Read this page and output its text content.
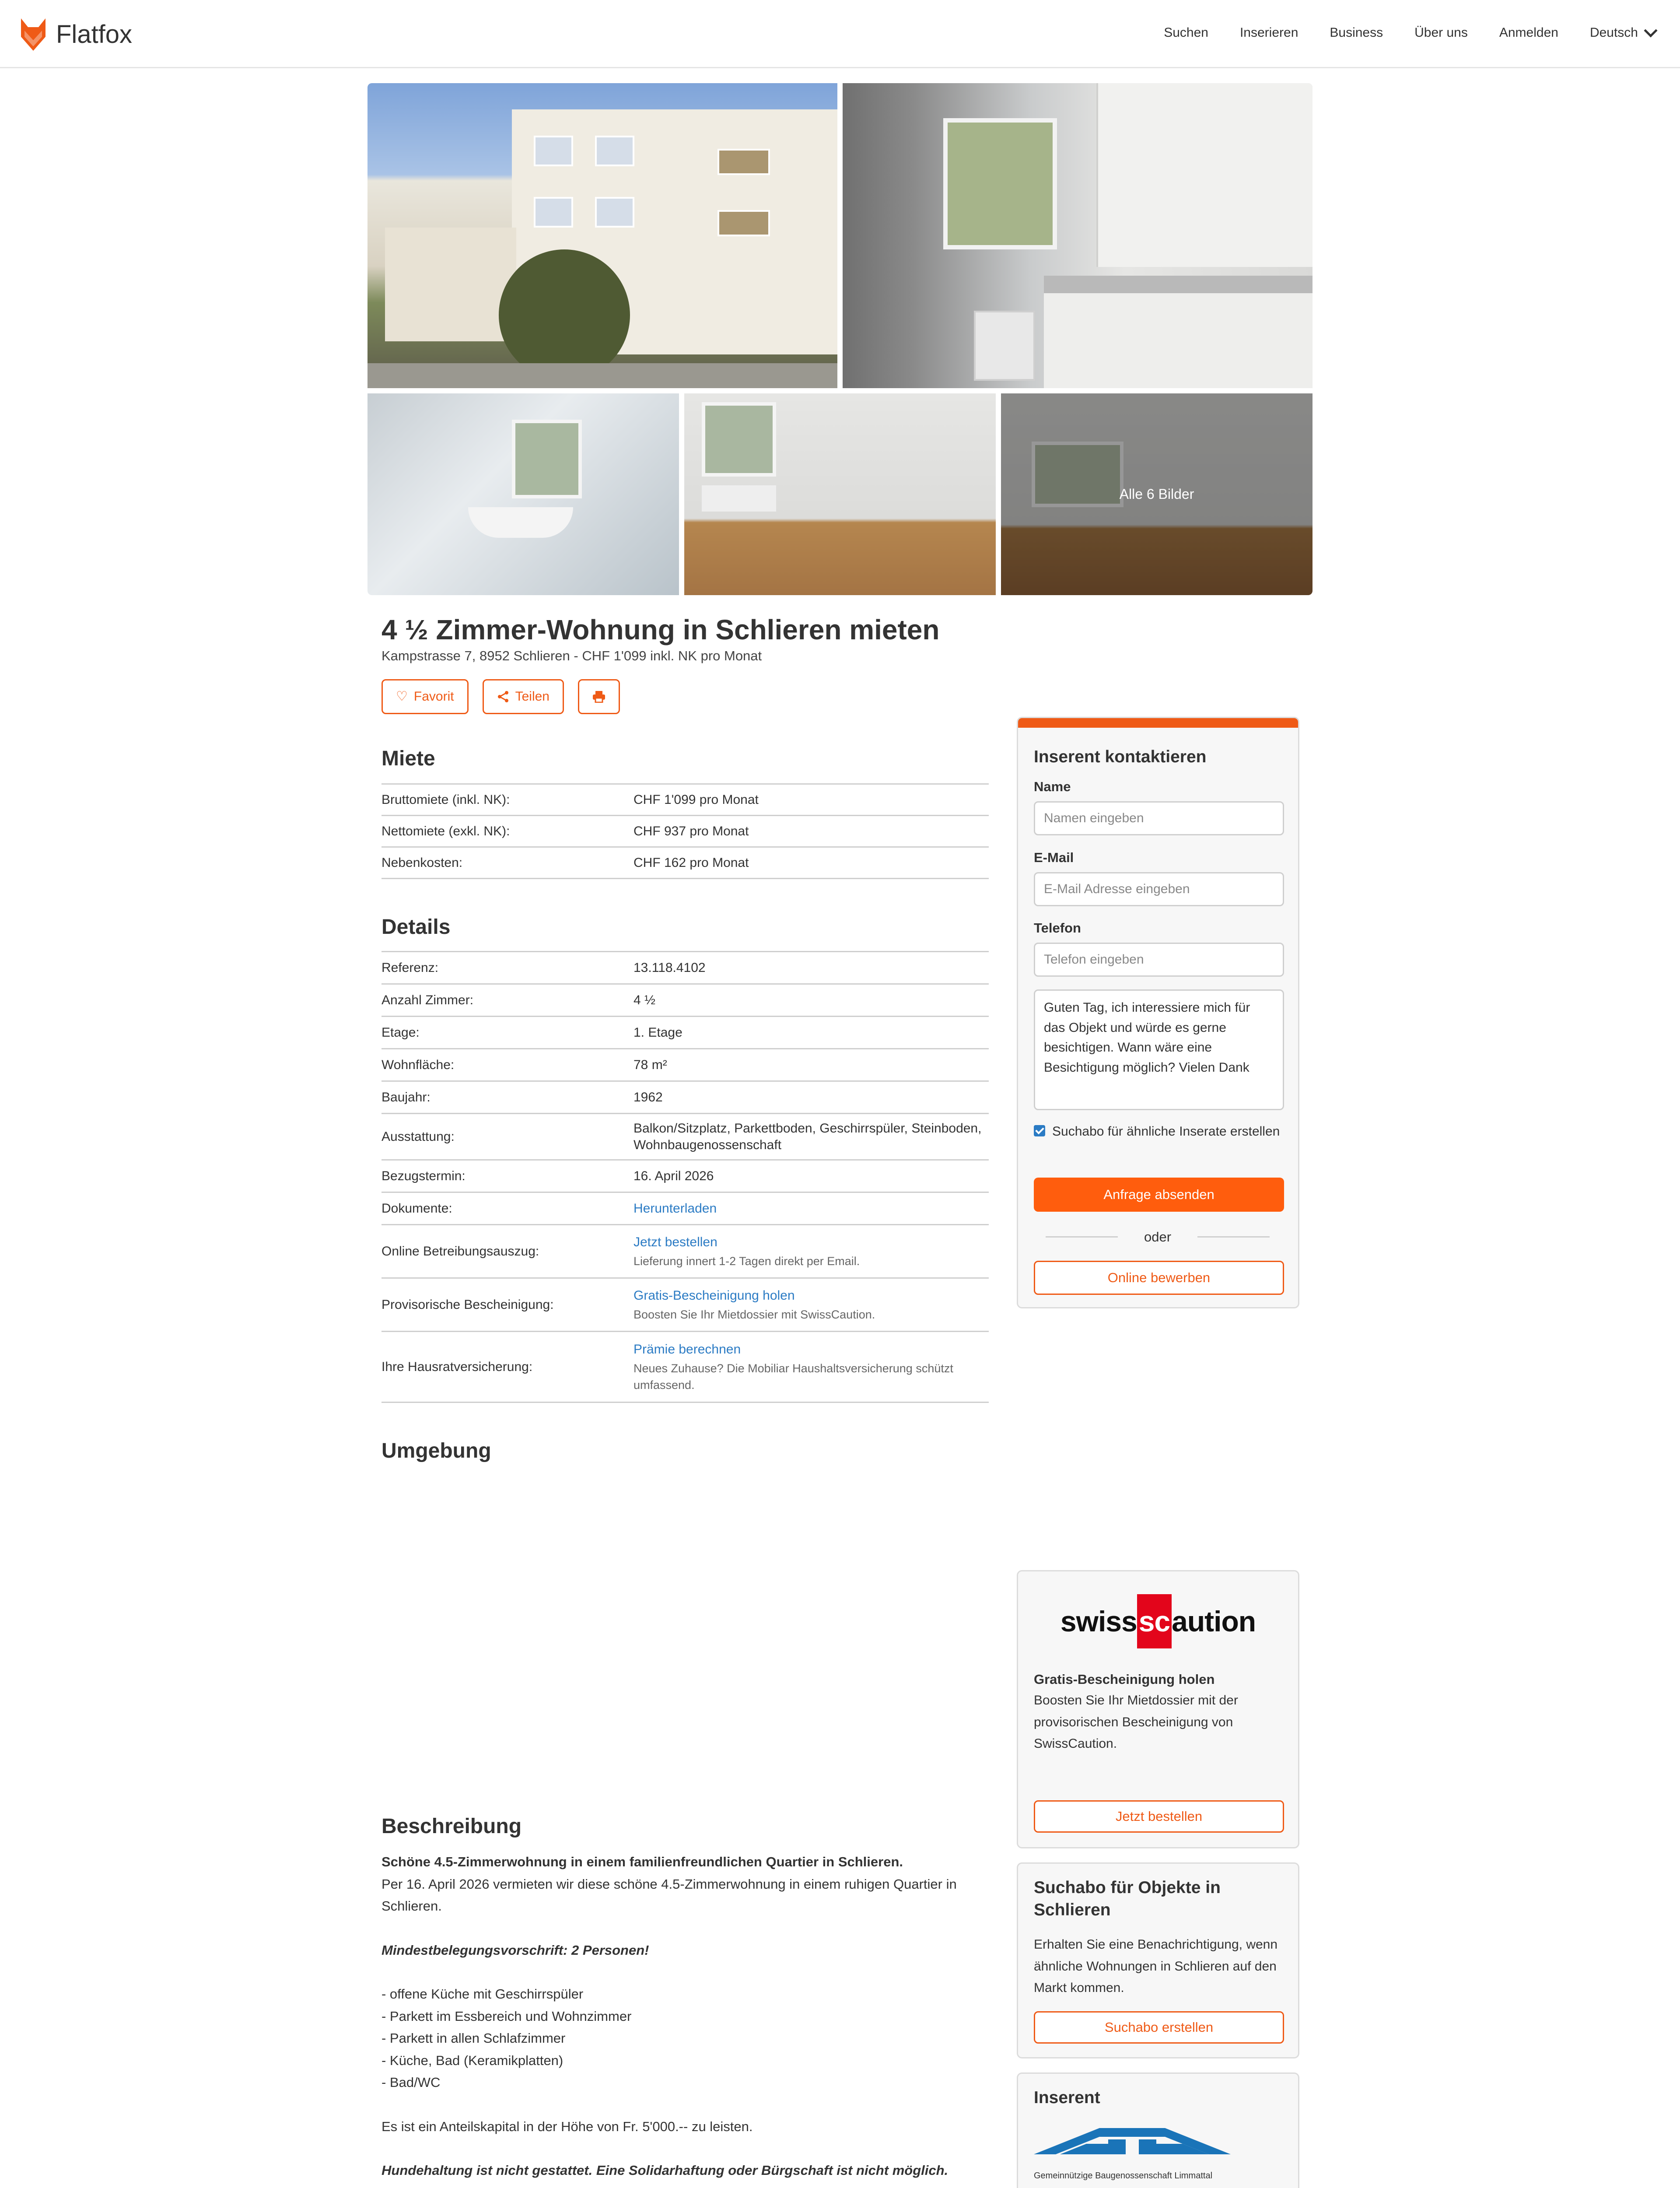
Flatfox	Suchen Inserieren Business Über uns Anmelden Deutsch
Alle 6 Bilder
4 ½ Zimmer-Wohnung in Schlieren mieten
Kampstrasse 7, 8952 Schlieren - CHF 1'099 inkl. NK pro Monat
♡ Favorit	Teilen
Miete
Bruttomiete (inkl. NK):	CHF 1'099 pro Monat
Nettomiete (exkl. NK):	CHF 937 pro Monat
Nebenkosten:	CHF 162 pro Monat
Details
Referenz:	13.118.4102
Anzahl Zimmer:	4 ½
Etage:	1. Etage
Wohnfläche:	78 m²
Baujahr:	1962
Ausstattung:
Balkon/Sitzplatz, Parkettboden, Geschirrspüler, Steinboden, Wohnbaugenossenschaft
Bezugstermin:	16. April 2026
Dokumente:	Herunterladen
Online Betreibungsauszug:
Jetzt bestellen
Lieferung innert 1-2 Tagen direkt per Email.
Provisorische Bescheinigung:
Gratis-Bescheinigung holen
Boosten Sie Ihr Mietdossier mit SwissCaution.
Ihre Hausratversicherung:
Prämie berechnen
Neues Zuhause? Die Mobiliar Haushaltsversicherung schützt umfassend.
Umgebung
Inserent kontaktieren
Name
Namen eingeben
E-Mail
E-Mail Adresse eingeben
Telefon
Telefon eingeben
Guten Tag, ich interessiere mich für das Objekt und würde es gerne besichtigen. Wann wäre eine Besichtigung möglich? Vielen Dank
Suchabo für ähnliche Inserate erstellen
Anfrage absenden
Online bewerben
oder
swiss sc aution
Gratis-Bescheinigung holen

Boosten Sie Ihr Mietdossier mit der provisorischen Bescheinigung von SwissCaution.

Jetzt bestellen
Suchabo für Objekte in Schlieren

Erhalten Sie eine Benachrichtigung, wenn ähnliche Wohnungen in Schlieren auf den Markt kommen.

Suchabo erstellen
Inserent
Gemeinnützige Baugenossenschaft Limmattal
Beschreibung
Schöne 4.5-Zimmerwohnung in einem familienfreundlichen Quartier in Schlieren.
Per 16. April 2026 vermieten wir diese schöne 4.5-Zimmerwohnung in einem ruhigen Quartier in Schlieren.
Mindestbelegungsvorschrift: 2 Personen!
- offene Küche mit Geschirrspüler
- Parkett im Essbereich und Wohnzimmer
- Parkett in allen Schlafzimmer
- Küche, Bad (Keramikplatten)
- Bad/WC
Es ist ein Anteilskapital in der Höhe von Fr. 5'000.-- zu leisten.
Hundehaltung ist nicht gestattet. Eine Solidarhaftung oder Bürgschaft ist nicht möglich.
